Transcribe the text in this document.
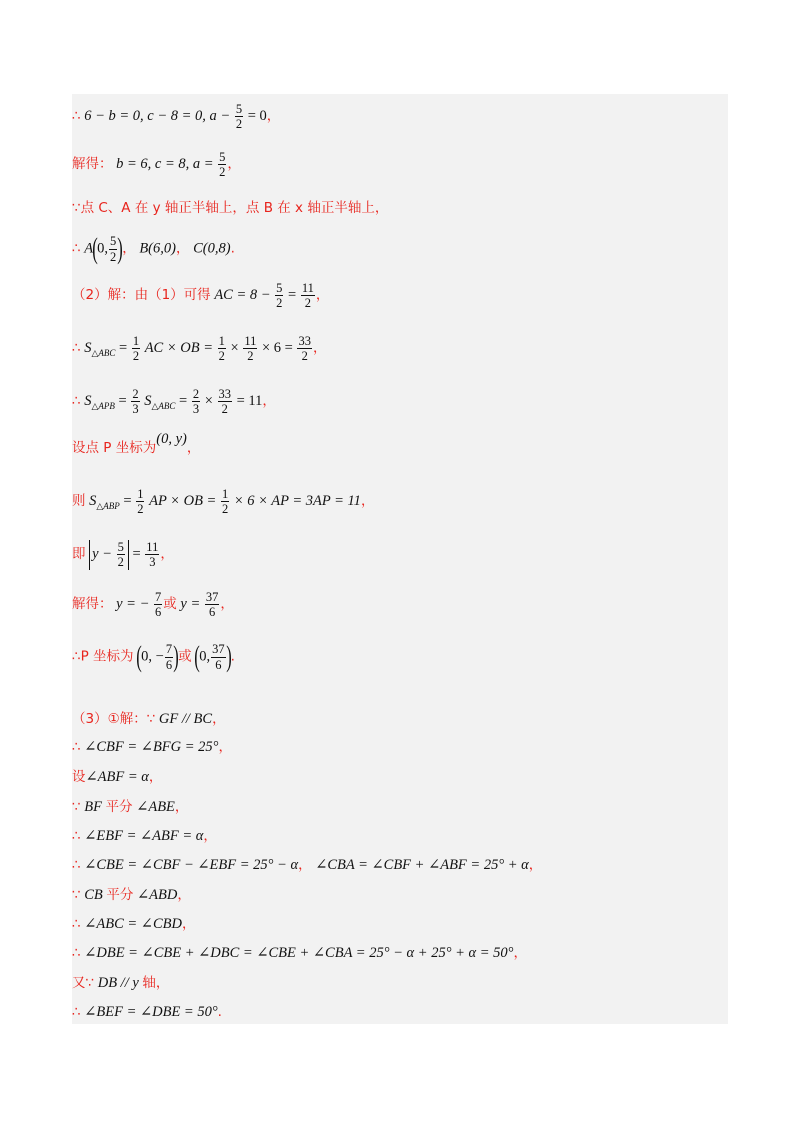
∴ 6 − b = 0, c − 8 = 0, $a - \frac{5}{2} = 0$，
解得： b = 6, c = 8, $a = \frac{5}{2}$ ，
∵点 C、A 在 y 轴正半轴上，点 B 在 x 轴正半轴上，
∴ A(0, $\frac{5}{2}$ )， B(6,0)， C(0,8).
（2）解：由（1）可得 AC = $8 - \frac{5}{2} = \frac{11}{2}$ ，
∴ $S_{\triangle ABC} = \frac{1}{2}$ AC × OB = $\frac{1}{2} \times \frac{11}{2} \times 6 = \frac{33}{2}$ ，
∴ $S_{\triangle APB} = \frac{2}{3} S_{\triangle ABC} = \frac{2}{3} \times \frac{33}{2} = 11$，
设点 P 坐标为(0, y)，
则 $S_{\triangle ABP} = \frac{1}{2}$ AP × OB = $\frac{1}{2} \times 6$ × AP = 3AP = 11，
即 $y - \frac{5}{2} = \frac{11}{3}$ ，
解得： y = − $\frac{7}{6}$ 或 $y = \frac{37}{6}$ ，
∴P 坐标为 (0, − $\frac{7}{6}$ )或 (0, $\frac{37}{6}$ ).
（3）①解：∵ GF // BC，
∴ ∠CBF = ∠BFG = 25°，
设∠ABF = α，
∵ BF 平分 ∠ABE，
∴ ∠EBF = ∠ABF = α，
∴ ∠CBE = ∠CBF − ∠EBF = 25° − α， ∠CBA = ∠CBF + ∠ABF = 25° + α，
∵ CB 平分 ∠ABD，
∴ ∠ABC = ∠CBD，
∴ ∠DBE = ∠CBE + ∠DBC = ∠CBE + ∠CBA = 25° − α + 25° + α = 50°，
又∵ DB // y 轴，
∴ ∠BEF = ∠DBE = 50°.
